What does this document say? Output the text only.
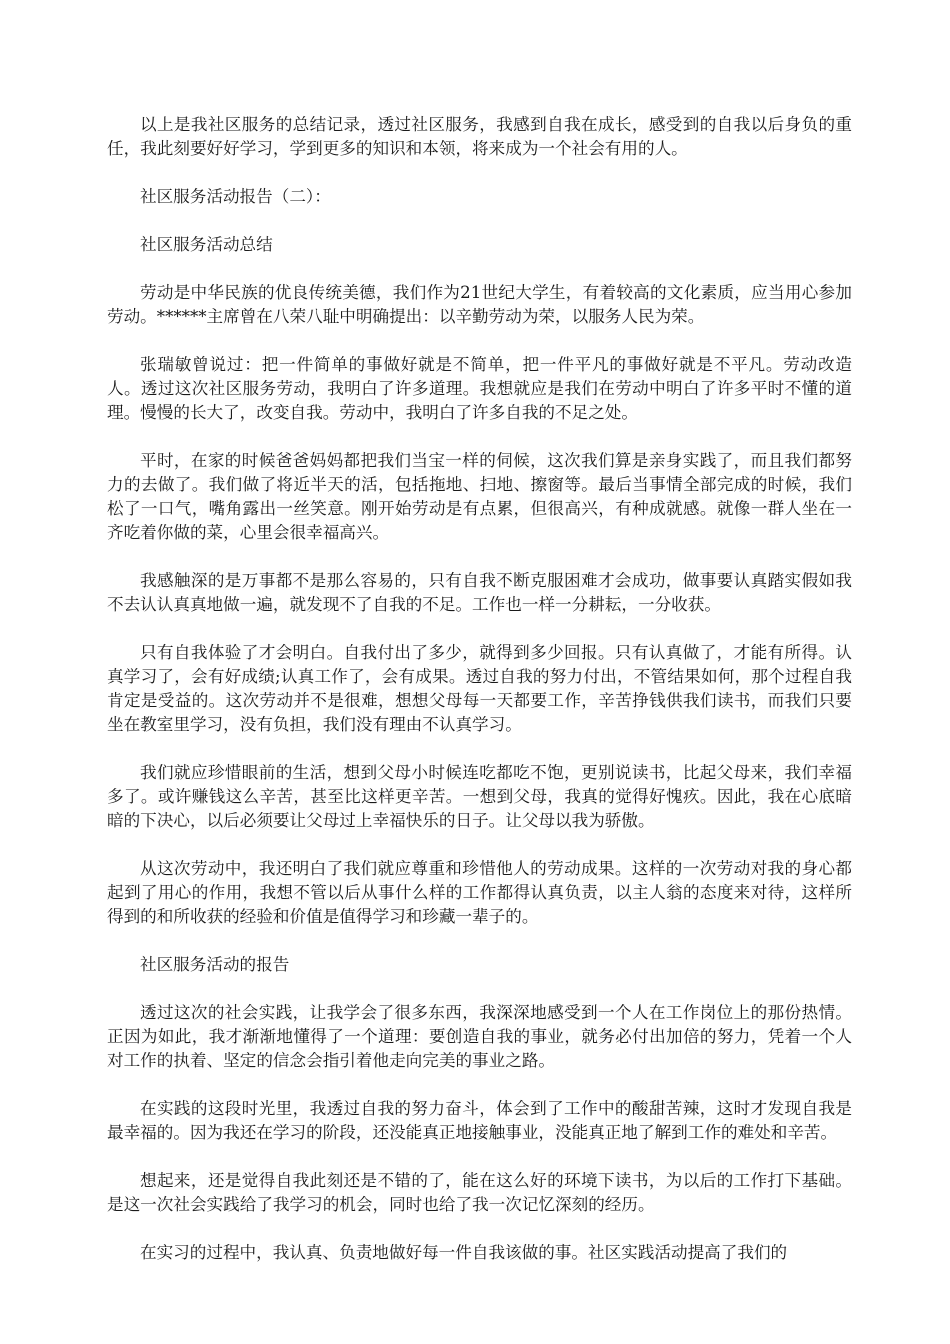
以上是我社区服务的总结记录，透过社区服务，我感到自我在成长，感受到的自我以后身负的重任，我此刻要好好学习，学到更多的知识和本领，将来成为一个社会有用的人。

社区服务活动报告（二）：

社区服务活动总结

劳动是中华民族的优良传统美德，我们作为21世纪大学生，有着较高的文化素质，应当用心参加劳动。******主席曾在八荣八耻中明确提出：以辛勤劳动为荣，以服务人民为荣。

张瑞敏曾说过：把一件简单的事做好就是不简单，把一件平凡的事做好就是不平凡。劳动改造人。透过这次社区服务劳动，我明白了许多道理。我想就应是我们在劳动中明白了许多平时不懂的道理。慢慢的长大了，改变自我。劳动中，我明白了许多自我的不足之处。

平时，在家的时候爸爸妈妈都把我们当宝一样的伺候，这次我们算是亲身实践了，而且我们都努力的去做了。我们做了将近半天的活，包括拖地、扫地、擦窗等。最后当事情全部完成的时候，我们松了一口气，嘴角露出一丝笑意。刚开始劳动是有点累，但很高兴，有种成就感。就像一群人坐在一齐吃着你做的菜，心里会很幸福高兴。

我感触深的是万事都不是那么容易的，只有自我不断克服困难才会成功，做事要认真踏实假如我不去认认真真地做一遍，就发现不了自我的不足。工作也一样一分耕耘，一分收获。

只有自我体验了才会明白。自我付出了多少，就得到多少回报。只有认真做了，才能有所得。认真学习了，会有好成绩;认真工作了，会有成果。透过自我的努力付出，不管结果如何，那个过程自我肯定是受益的。这次劳动并不是很难，想想父母每一天都要工作，辛苦挣钱供我们读书，而我们只要坐在教室里学习，没有负担，我们没有理由不认真学习。

我们就应珍惜眼前的生活，想到父母小时候连吃都吃不饱，更别说读书，比起父母来，我们幸福多了。或许赚钱这么辛苦，甚至比这样更辛苦。一想到父母，我真的觉得好愧疚。因此，我在心底暗暗的下决心，以后必须要让父母过上幸福快乐的日子。让父母以我为骄傲。

从这次劳动中，我还明白了我们就应尊重和珍惜他人的劳动成果。这样的一次劳动对我的身心都起到了用心的作用，我想不管以后从事什么样的工作都得认真负责，以主人翁的态度来对待，这样所得到的和所收获的经验和价值是值得学习和珍藏一辈子的。

社区服务活动的报告

透过这次的社会实践，让我学会了很多东西，我深深地感受到一个人在工作岗位上的那份热情。正因为如此，我才渐渐地懂得了一个道理：要创造自我的事业，就务必付出加倍的努力，凭着一个人对工作的执着、坚定的信念会指引着他走向完美的事业之路。

在实践的这段时光里，我透过自我的努力奋斗，体会到了工作中的酸甜苦辣，这时才发现自我是最幸福的。因为我还在学习的阶段，还没能真正地接触事业，没能真正地了解到工作的难处和辛苦。

想起来，还是觉得自我此刻还是不错的了，能在这么好的环境下读书，为以后的工作打下基础。是这一次社会实践给了我学习的机会，同时也给了我一次记忆深刻的经历。

在实习的过程中，我认真、负责地做好每一件自我该做的事。社区实践活动提高了我们的
